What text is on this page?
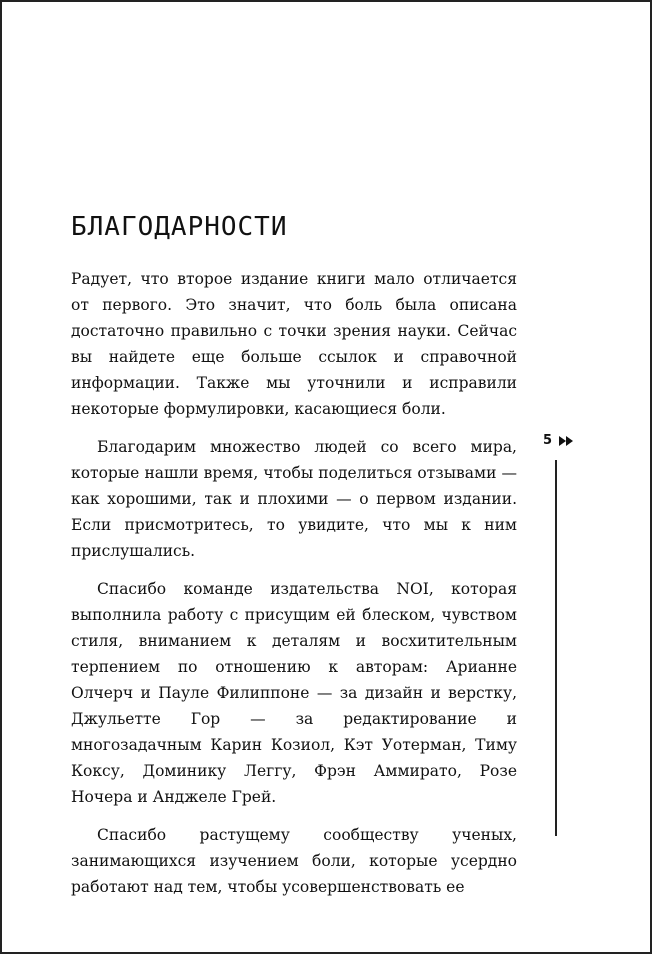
БЛАГОДАРНОСТИ

Радует, что второе издание книги мало отличается от первого. Это значит, что боль была описана достаточно правильно с точки зрения науки. Сейчас вы найдете еще больше ссылок и справочной информации. Также мы уточнили и исправили некоторые формулировки, касающиеся боли.

Благодарим множество людей со всего мира, которые нашли время, чтобы поделиться отзывами — как хорошими, так и плохими — о первом издании. Если присмотритесь, то увидите, что мы к ним прислушались.

Спасибо команде издательства NOI, которая выполнила работу с присущим ей блеском, чувством стиля, вниманием к деталям и восхитительным терпением по отношению к авторам: Арианне Олчерч и Пауле Филиппоне — за дизайн и верстку, Джульетте Гор — за редактирование и многозадачным Карин Козиол, Кэт Уотерман, Тиму Коксу, Доминику Леггу, Фрэн Аммирато, Розе Ночера и Анджеле Грей.

Спасибо растущему сообществу ученых, занимающихся изучением боли, которые усердно работают над тем, чтобы усовершенствовать ее

5
